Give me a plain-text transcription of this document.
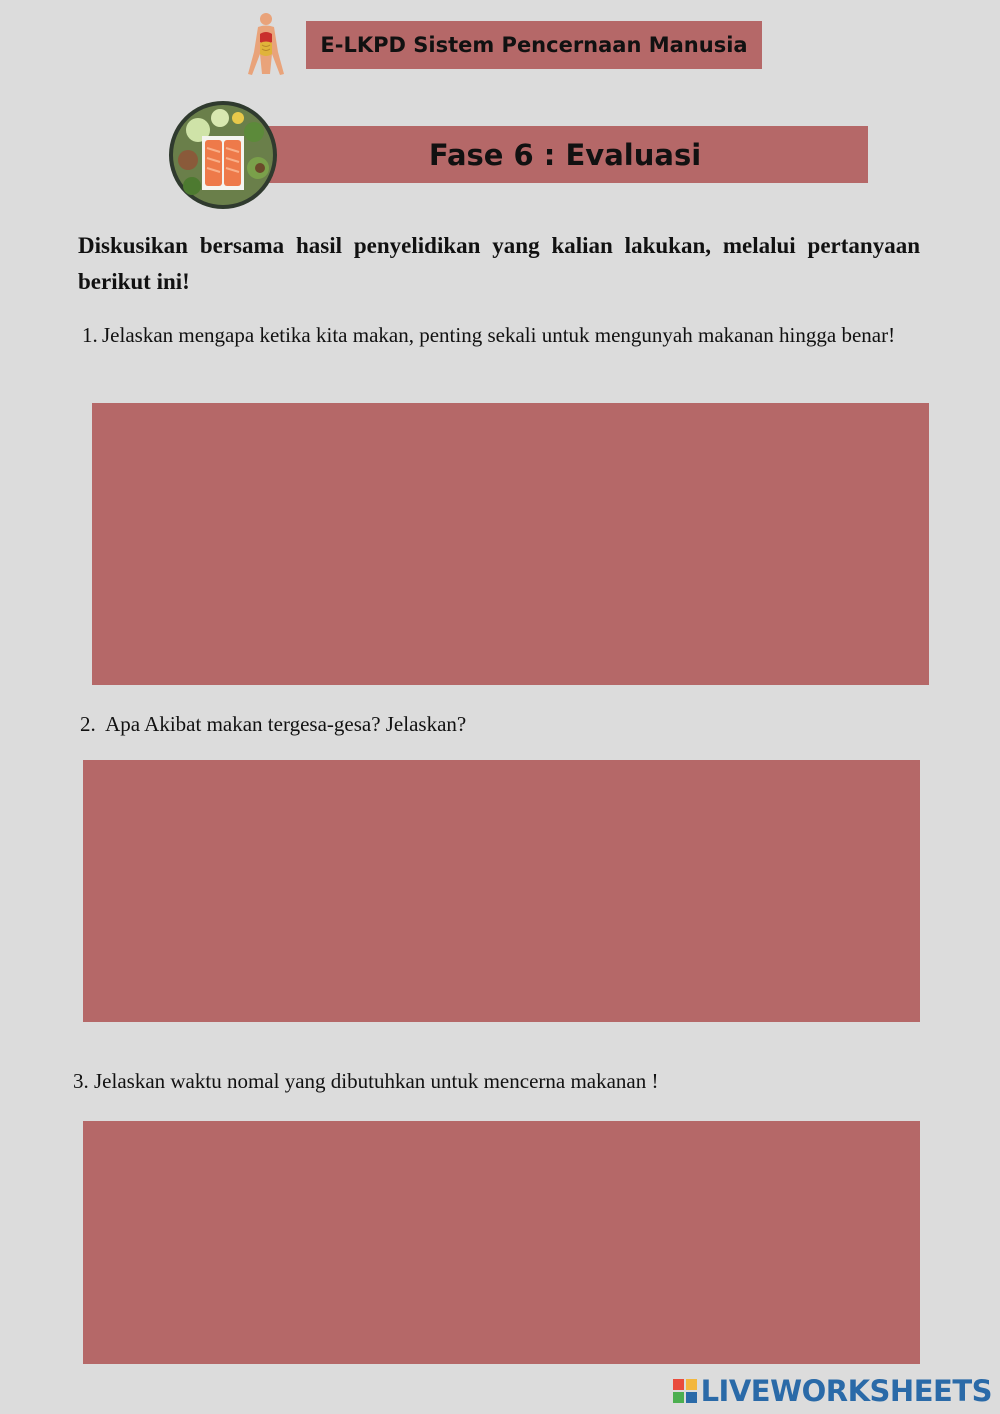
E-LKPD Sistem Pencernaan Manusia
Fase 6 : Evaluasi
Diskusikan bersama hasil penyelidikan yang kalian lakukan, melalui pertanyaan berikut ini!
1. Jelaskan mengapa ketika kita makan, penting sekali untuk mengunyah makanan hingga benar!
2. Apa Akibat makan tergesa-gesa? Jelaskan?
3. Jelaskan waktu nomal yang dibutuhkan untuk mencerna makanan !
LIVEWORKSHEETS
